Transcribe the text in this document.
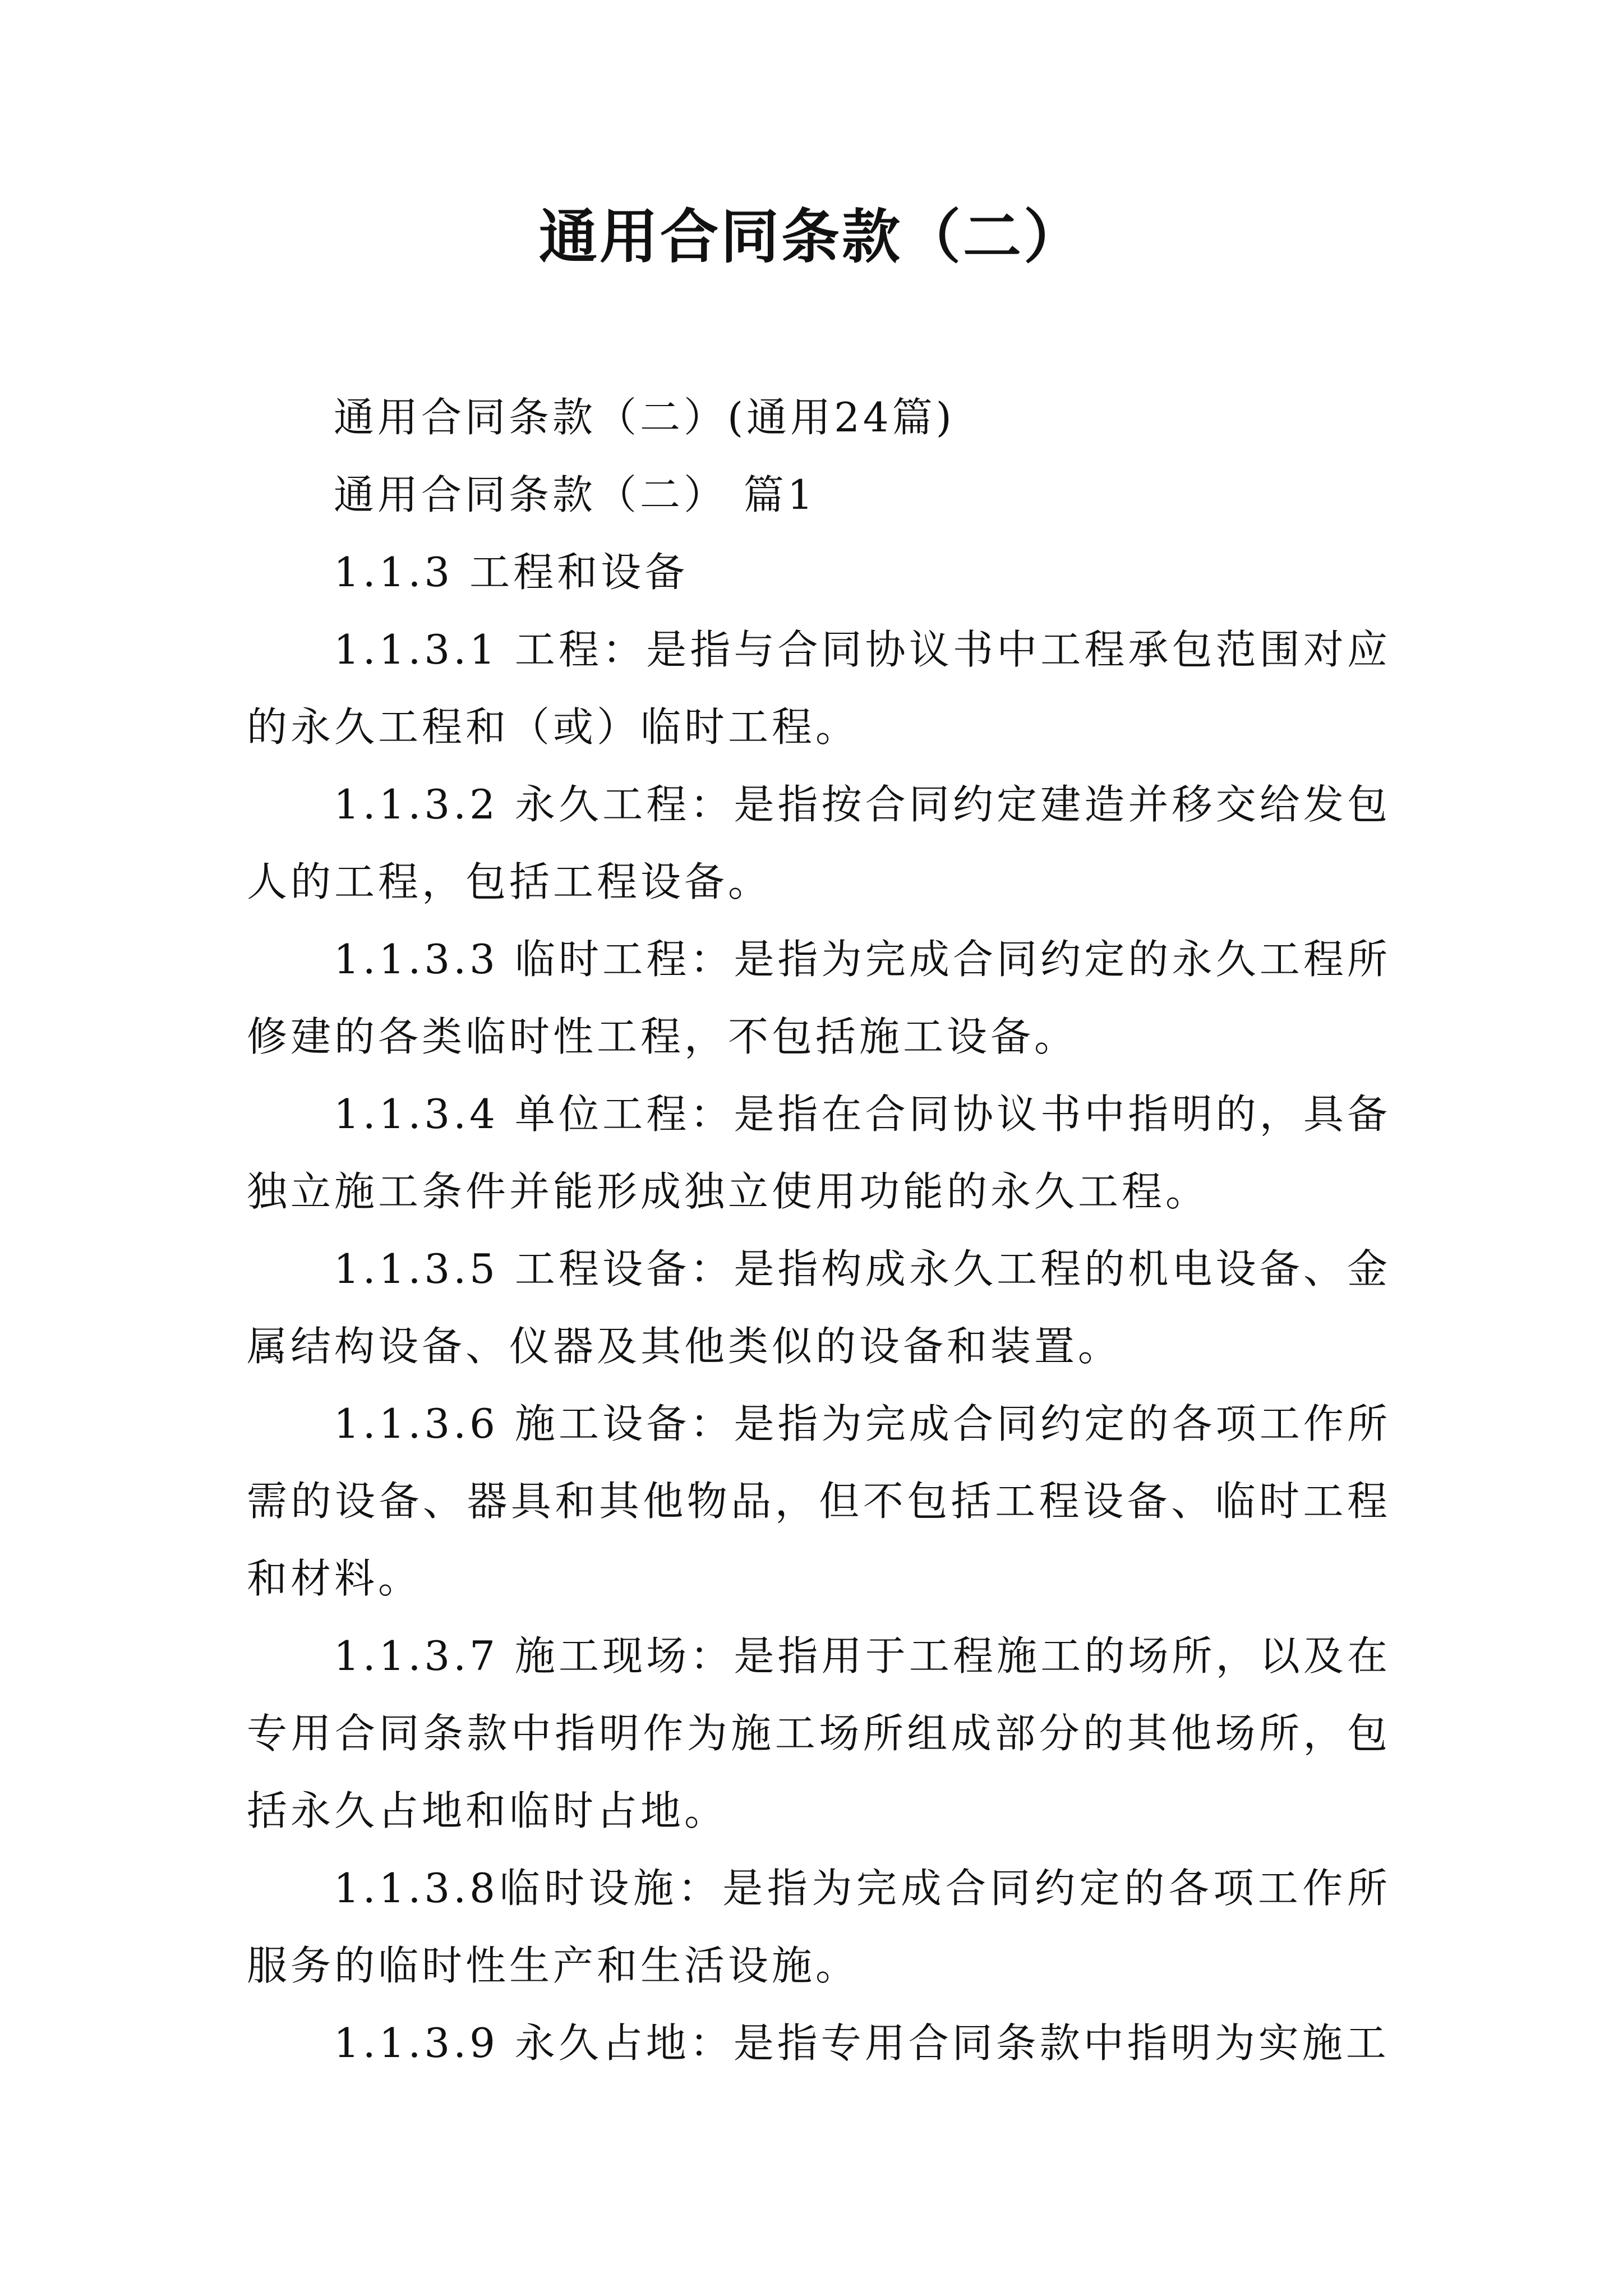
通用合同条款（二）

通用合同条款（二）(通用24篇)

通用合同条款（二） 篇1

1.1.3 工程和设备

1.1.3.1 工程：是指与合同协议书中工程承包范围对应的永久工程和（或）临时工程。

1.1.3.2 永久工程：是指按合同约定建造并移交给发包人的工程，包括工程设备。

1.1.3.3 临时工程：是指为完成合同约定的永久工程所修建的各类临时性工程，不包括施工设备。

1.1.3.4 单位工程：是指在合同协议书中指明的，具备独立施工条件并能形成独立使用功能的永久工程。

1.1.3.5 工程设备：是指构成永久工程的机电设备、金属结构设备、仪器及其他类似的设备和装置。

1.1.3.6 施工设备：是指为完成合同约定的各项工作所需的设备、器具和其他物品，但不包括工程设备、临时工程和材料。

1.1.3.7 施工现场：是指用于工程施工的场所，以及在专用合同条款中指明作为施工场所组成部分的其他场所，包括永久占地和临时占地。

1.1.3.8临时设施：是指为完成合同约定的各项工作所服务的临时性生产和生活设施。

1.1.3.9 永久占地：是指专用合同条款中指明为实施工
